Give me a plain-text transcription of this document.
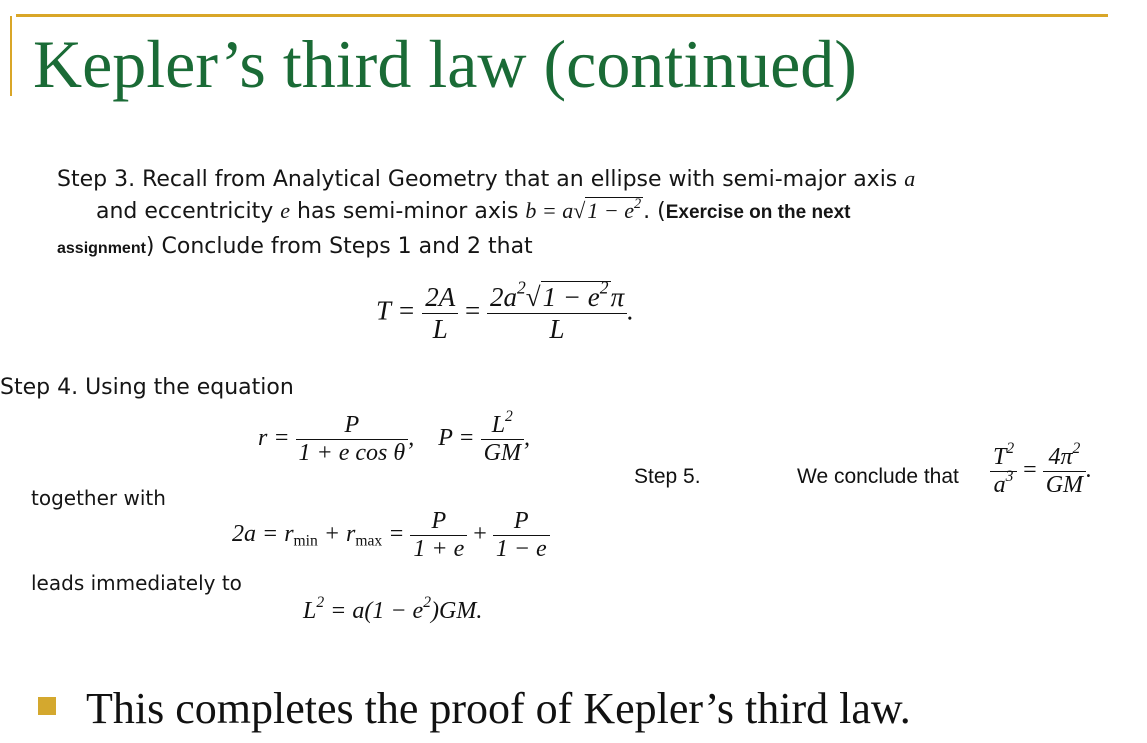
Kepler’s third law (continued)
Step 3. Recall from Analytical Geometry that an ellipse with semi-major axis a
and eccentricity e has semi-minor axis $b = a√1 - e^2$. (Exercise on the next
assignment) Conclude from Steps 1 and 2 that
$T = \frac{2A}{L} = \frac{2a^2√1 - e^2\pi}{L}$ .
Step 4. Using the equation
$r = \frac{P}{\text{1 + e cos θ}}$ , $P = \frac{L^2}{GM}$ ,
together with
$2a = r_{min} + r_{max} = \frac{P}{1 + e} + \frac{P}{1 - e}$
leads immediately to
$L^2 = a(1 - e^2)GM$.
Step 5.	We conclude that $\frac{T^2}{a^3} = \frac{4\pi^2}{GM}$ .
This completes the proof of Kepler’s third law.
